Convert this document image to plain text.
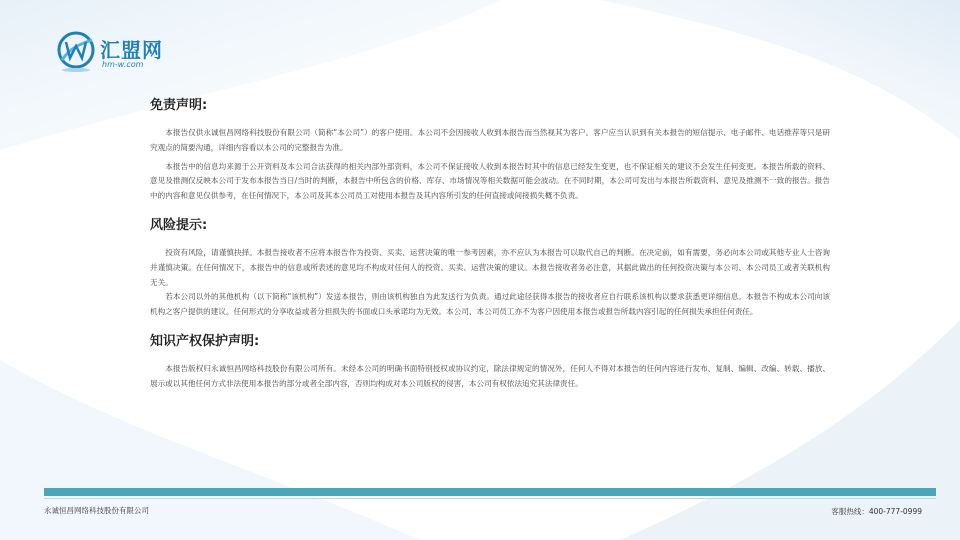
汇盟网
hm-w.com
免责声明:

本报告仅供永诚恒昌网络科技股份有限公司（简称“本公司”）的客户使用。本公司不会因接收人收到本报告而当然视其为客户。客户应当认识到有关本报告的短信提示、电子邮件、电话推荐等只是研究观点的简要沟通，详细内容看以本公司的完整报告为准。

本报告中的信息均来源于公开资料及本公司合法获得的相关内部外部资料，本公司不保证接收人收到本报告时其中的信息已经发生变更，也不保证相关的建议不会发生任何变更。本报告所载的资料、意见及推测仅反映本公司于发布本报告当日/当时的判断，本报告中所包含的价格、库存、市场情况等相关数据可能会波动。在不同时期，本公司可发出与本报告所载资料、意见及推测不一致的报告。报告中的内容和意见仅供参考，在任何情况下，本公司及其本公司员工对使用本报告及其内容所引发的任何直接或间接损失概不负责。

风险提示:

投资有风险，请谨慎抉择。本报告接收者不应将本报告作为投资、买卖、运营决策的唯一参考因素，亦不应认为本报告可以取代自己的判断。在决定前，如有需要，务必向本公司或其他专业人士咨询并谨慎决策。在任何情况下，本报告中的信息或所表述的意见均不构成对任何人的投资、买卖、运营决策的建议。本报告接收者务必注意，其据此做出的任何投资决策与本公司、本公司员工或者关联机构无关。

若本公司以外的其他机构（以下简称“该机构”）发送本报告，则由该机构独自为此发送行为负责。通过此途径获得本报告的接收者应自行联系该机构以要求获悉更详细信息。本报告不构成本公司向该机构之客户提供的建议。任何形式的分享收益或者分担损失的书面或口头承诺均为无效。本公司、本公司员工亦不为客户因使用本报告或报告所载内容引起的任何损失承担任何责任。

知识产权保护声明:

本报告版权归永诚恒昌网络科技股份有限公司所有。未经本公司的明确书面特别授权或协议约定，除法律规定的情况外，任何人不得对本报告的任何内容进行发布、复制、编辑、改编、转载、播放、展示或以其他任何方式非法使用本报告的部分或者全部内容，否则均构成对本公司版权的侵害，本公司有权依法追究其法律责任。

永诚恒昌网络科技股份有限公司	客服热线：400-777-0999
